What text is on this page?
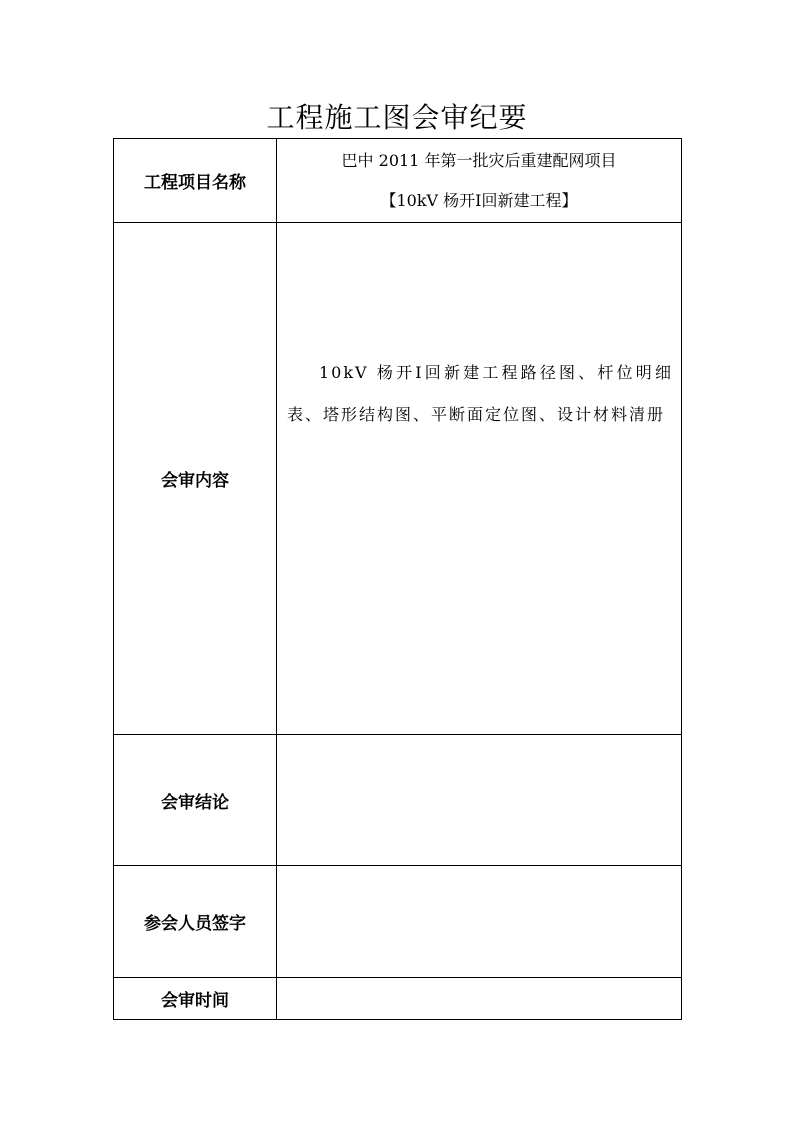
工程施工图会审纪要
工程项目名称	巴中 2011 年第一批灾后重建配网项目
【10kV 杨开Ⅰ回新建工程】

会审内容	10kV 杨开Ⅰ回新建工程路径图、杆位明细表、塔形结构图、平断面定位图、设计材料清册

会审结论	
参会人员签字	
会审时间	
